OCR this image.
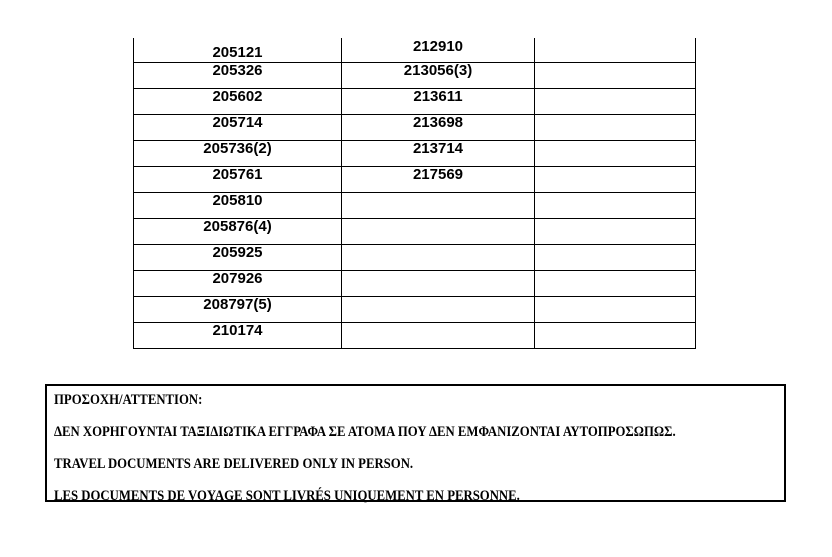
205121	212910	
205326	213056(3)	
205602	213611	
205714	213698	
205736(2)	213714	
205761	217569	
205810		
205876(4)		
205925		
207926		
208797(5)		
210174		

ΠΡΟΣΟΧΗ/ATTENTION:

ΔΕΝ ΧΟΡΗΓΟΥΝΤΑΙ ΤΑΞΙΔΙΩΤΙΚΑ ΕΓΓΡΑΦΑ ΣΕ ΑΤΟΜΑ ΠΟΥ ΔΕΝ ΕΜΦΑΝΙΖΟΝΤΑΙ ΑΥΤΟΠΡΟΣΩΠΩΣ.

TRAVEL DOCUMENTS ARE DELIVERED ONLY IN PERSON.

LES DOCUMENTS DE VOYAGE SONT LIVRÉS UNIQUEMENT EN PERSONNE.
